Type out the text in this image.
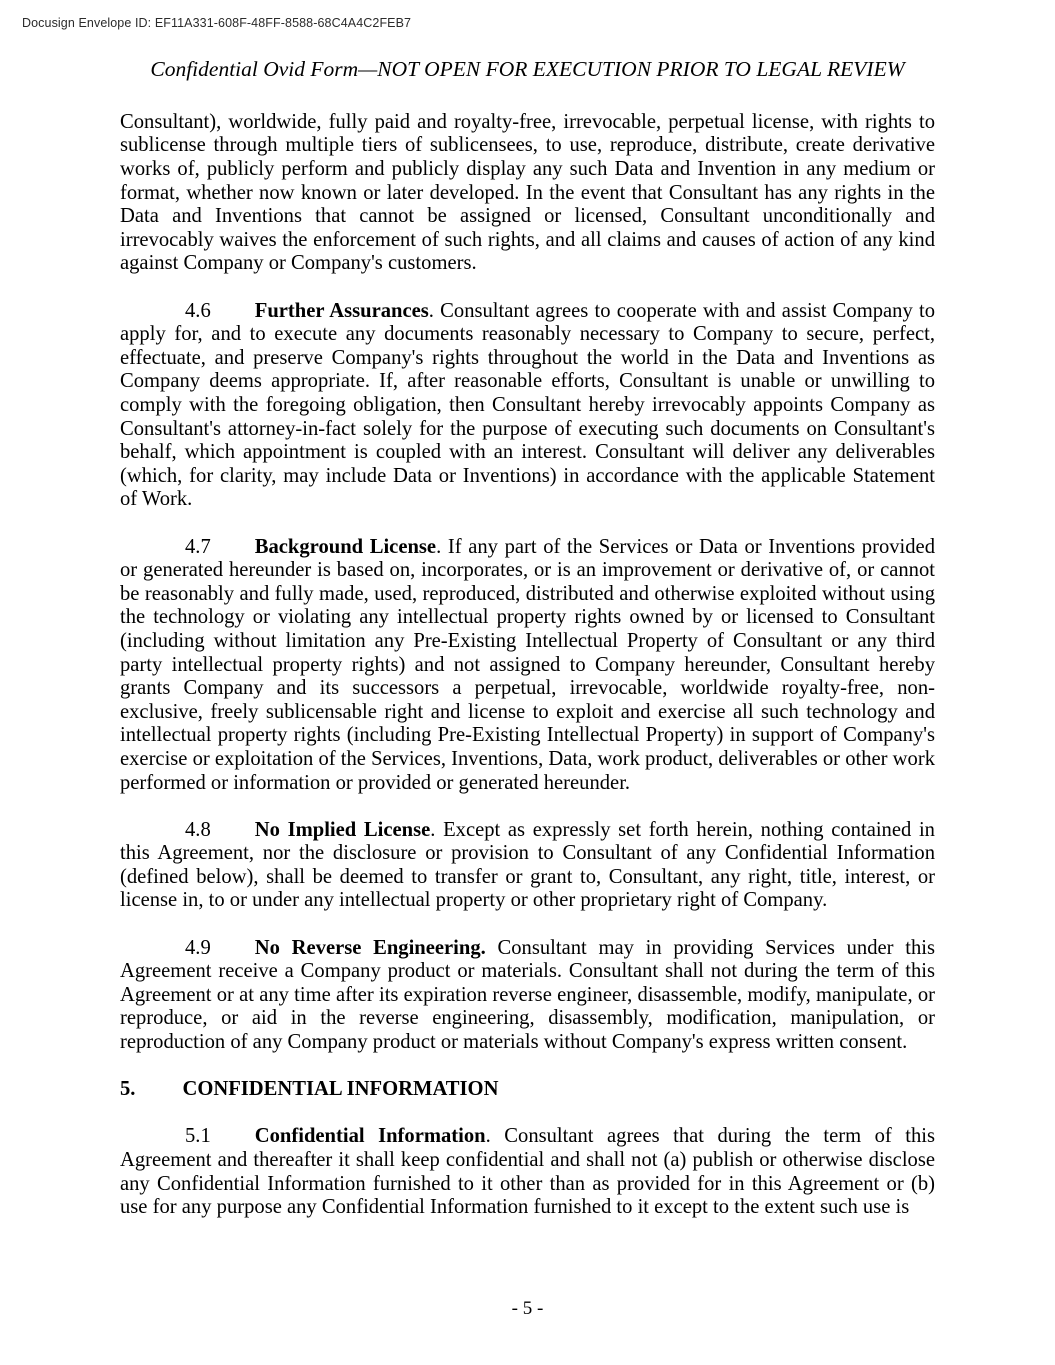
Docusign Envelope ID: EF11A331-608F-48FF-8588-68C4A4C2FEB7
Confidential Ovid Form—NOT OPEN FOR EXECUTION PRIOR TO LEGAL REVIEW

Consultant), worldwide, fully paid and royalty-free, irrevocable, perpetual license, with rights to sublicense through multiple tiers of sublicensees, to use, reproduce, distribute, create derivative works of, publicly perform and publicly display any such Data and Invention in any medium or format, whether now known or later developed. In the event that Consultant has any rights in the Data and Inventions that cannot be assigned or licensed, Consultant unconditionally and irrevocably waives the enforcement of such rights, and all claims and causes of action of any kind against Company or Company's customers.

4.6 Further Assurances. Consultant agrees to cooperate with and assist Company to apply for, and to execute any documents reasonably necessary to Company to secure, perfect, effectuate, and preserve Company's rights throughout the world in the Data and Inventions as Company deems appropriate. If, after reasonable efforts, Consultant is unable or unwilling to comply with the foregoing obligation, then Consultant hereby irrevocably appoints Company as Consultant's attorney-in-fact solely for the purpose of executing such documents on Consultant's behalf, which appointment is coupled with an interest. Consultant will deliver any deliverables (which, for clarity, may include Data or Inventions) in accordance with the applicable Statement of Work.

4.7 Background License. If any part of the Services or Data or Inventions provided or generated hereunder is based on, incorporates, or is an improvement or derivative of, or cannot be reasonably and fully made, used, reproduced, distributed and otherwise exploited without using the technology or violating any intellectual property rights owned by or licensed to Consultant (including without limitation any Pre-Existing Intellectual Property of Consultant or any third party intellectual property rights) and not assigned to Company hereunder, Consultant hereby grants Company and its successors a perpetual, irrevocable, worldwide royalty-free, non-exclusive, freely sublicensable right and license to exploit and exercise all such technology and intellectual property rights (including Pre-Existing Intellectual Property) in support of Company's exercise or exploitation of the Services, Inventions, Data, work product, deliverables or other work performed or information or provided or generated hereunder.

4.8 No Implied License. Except as expressly set forth herein, nothing contained in this Agreement, nor the disclosure or provision to Consultant of any Confidential Information (defined below), shall be deemed to transfer or grant to, Consultant, any right, title, interest, or license in, to or under any intellectual property or other proprietary right of Company.

4.9 No Reverse Engineering. Consultant may in providing Services under this Agreement receive a Company product or materials. Consultant shall not during the term of this Agreement or at any time after its expiration reverse engineer, disassemble, modify, manipulate, or reproduce, or aid in the reverse engineering, disassembly, modification, manipulation, or reproduction of any Company product or materials without Company's express written consent.

5. CONFIDENTIAL INFORMATION

5.1 Confidential Information. Consultant agrees that during the term of this Agreement and thereafter it shall keep confidential and shall not (a) publish or otherwise disclose any Confidential Information furnished to it other than as provided for in this Agreement or (b) use for any purpose any Confidential Information furnished to it except to the extent such use is

- 5 -
